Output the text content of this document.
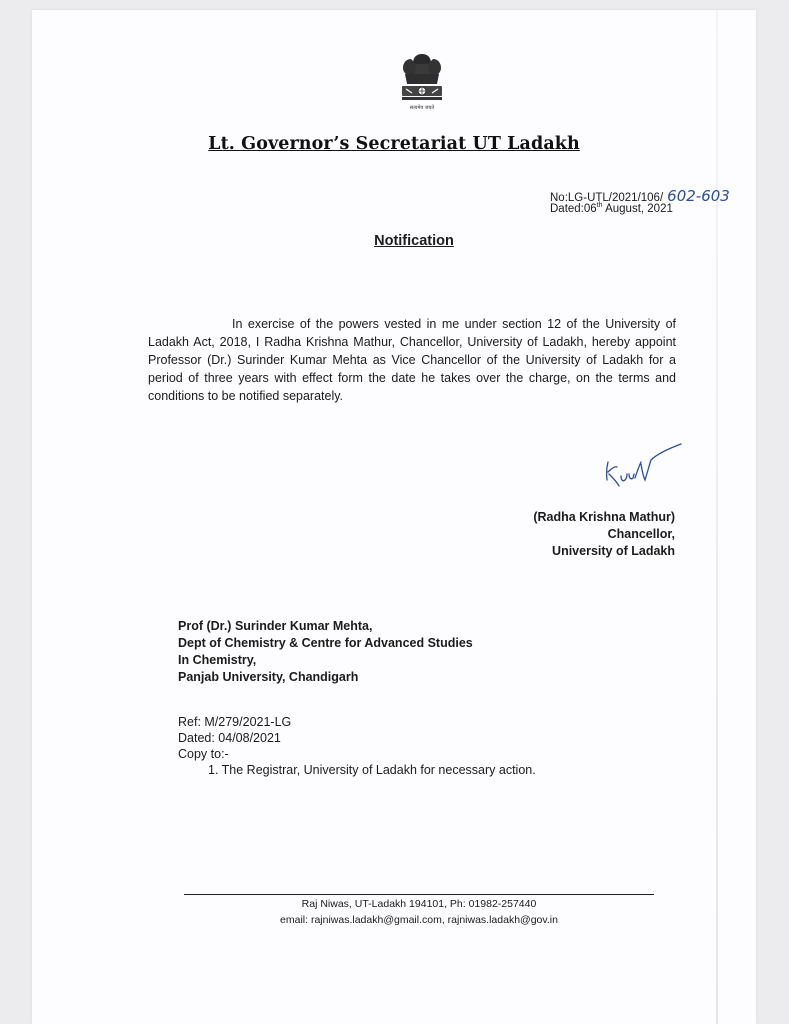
सत्यमेव जयते
Lt. Governor’s Secretariat UT Ladakh
No:LG-UTL/2021/106/ 602-603
Dated:06th August, 2021
Notification
In exercise of the powers vested in me under section 12 of the University of Ladakh Act, 2018, I Radha Krishna Mathur, Chancellor, University of Ladakh, hereby appoint Professor (Dr.) Surinder Kumar Mehta as Vice Chancellor of the University of Ladakh for a period of three years with effect form the date he takes over the charge, on the terms and conditions to be notified separately.
(Radha Krishna Mathur)
Chancellor,
University of Ladakh
Prof (Dr.) Surinder Kumar Mehta,
Dept of Chemistry & Centre for Advanced Studies
In Chemistry,
Panjab University, Chandigarh
Ref: M/279/2021-LG
Dated: 04/08/2021
Copy to:-
1. The Registrar, University of Ladakh for necessary action.
Raj Niwas, UT-Ladakh 194101, Ph: 01982-257440
email: rajniwas.ladakh@gmail.com, rajniwas.ladakh@gov.in
